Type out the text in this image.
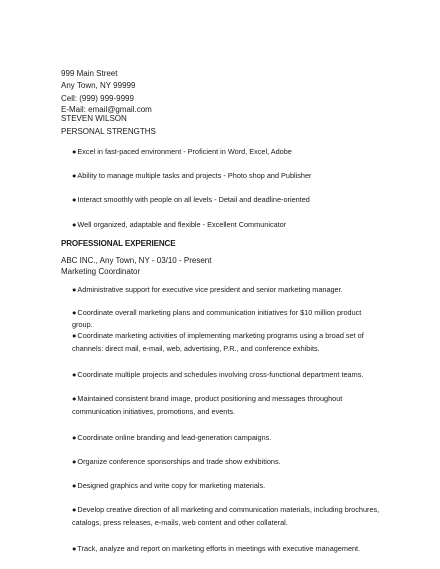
999 Main Street
Any Town, NY 99999
Cell: (999) 999-9999
E-Mail: email@gmail.com
STEVEN WILSON
PERSONAL STRENGTHS
●Excel in fast-paced environment - Proficient in Word, Excel, Adobe
●Ability to manage multiple tasks and projects - Photo shop and Publisher
●Interact smoothly with people on all levels - Detail and deadline-oriented
●Well organized, adaptable and flexible - Excellent Communicator
PROFESSIONAL EXPERIENCE
ABC INC., Any Town, NY - 03/10 - Present
Marketing Coordinator
●Administrative support for executive vice president and senior marketing manager.
●Coordinate overall marketing plans and communication initiatives for $10 million product group.
●Coordinate marketing activities of implementing marketing programs using a broad set of channels: direct mail, e-mail, web, advertising, P.R., and conference exhibits.
●Coordinate multiple projects and schedules involving cross-functional department teams.
●Maintained consistent brand image, product positioning and messages throughout communication initiatives, promotions, and events.
●Coordinate online branding and lead-generation campaigns.
●Organize conference sponsorships and trade show exhibitions.
●Designed graphics and write copy for marketing materials.
●Develop creative direction of all marketing and communication materials, including brochures, catalogs, press releases, e-mails, web content and other collateral.
●Track, analyze and report on marketing efforts in meetings with executive management.
